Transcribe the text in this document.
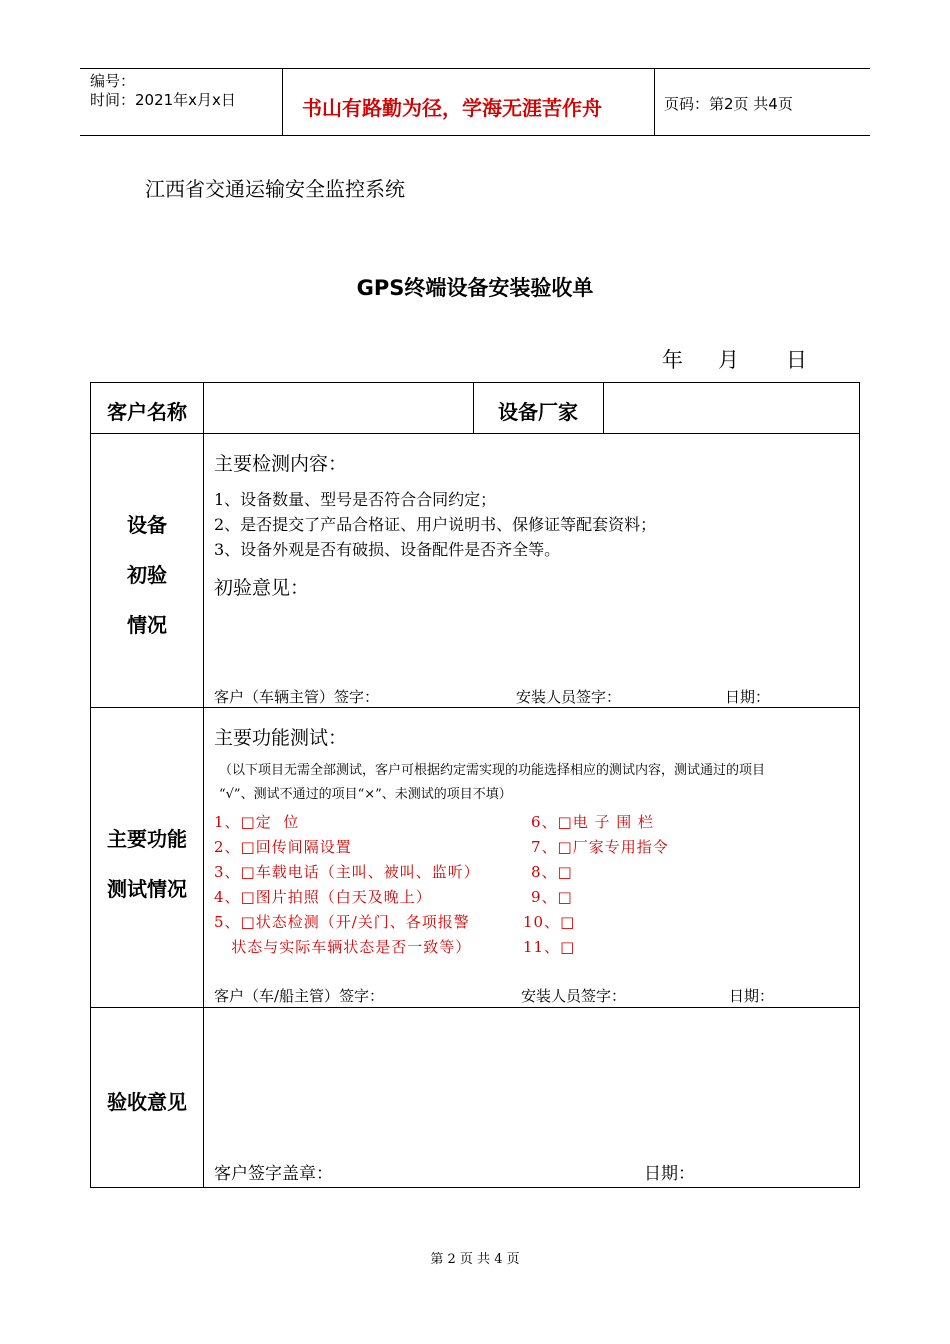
编号：
时间：2021年x月x日	书山有路勤为径，学海无涯苦作舟	页码：第2页 共4页
江西省交通运输安全监控系统
GPS终端设备安装验收单
年 月 日
客户名称	设备厂家
设备
初验
情况
主要检测内容：
1、设备数量、型号是否符合合同约定；
2、是否提交了产品合格证、用户说明书、保修证等配套资料；
3、设备外观是否有破损、设备配件是否齐全等。
初验意见：
客户（车辆主管）签字：	安装人员签字：	日期：
主要功能
测试情况
主要功能测试：
（以下项目无需全部测试，客户可根据约定需实现的功能选择相应的测试内容，测试通过的项目
“√”、测试不通过的项目“×”、未测试的项目不填）
1、□定  位
2、□回传间隔设置
3、□车载电话（主叫、被叫、监听）
4、□图片拍照（白天及晚上）
5、□状态检测（开/关门、各项报警
状态与实际车辆状态是否一致等）
6、□电 子 围 栏
7、□厂家专用指令
8、□
9、□
10、□
11、□
客户（车/船主管）签字：	安装人员签字：	日期：
验收意见
客户签字盖章：	日期：
第 2 页 共 4 页
